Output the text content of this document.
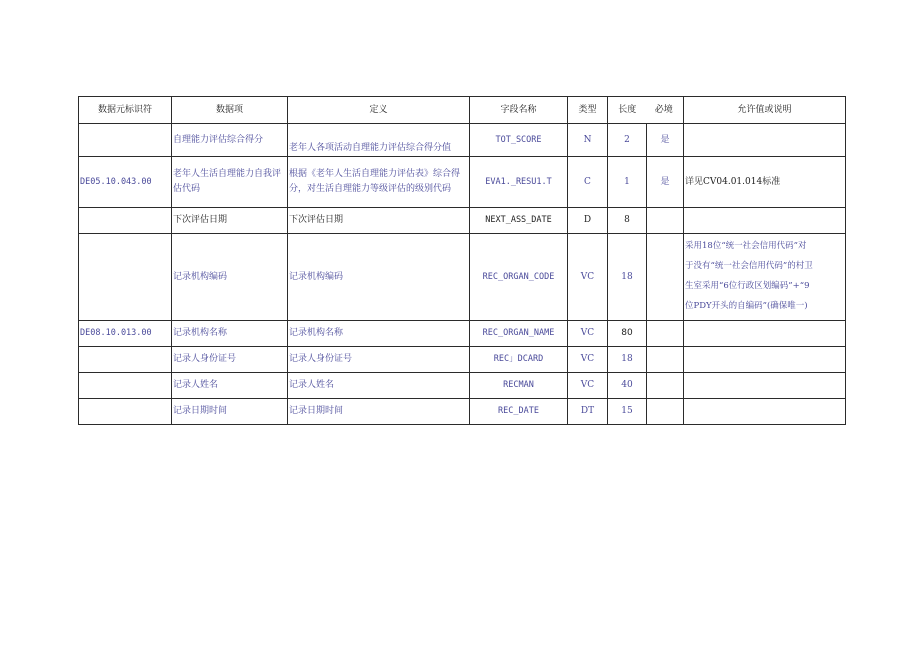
数据元标识符	数据项	定义	字段名称	类型	长度 必境		允许值或说明
	自理能力评估综合得分	老年人各项活动自理能力评估综合得分值	TOT_SCORE	N	2	是	
DE05.10.043.00	老年人生活自理能力自我评估代码	根据《老年人生活自理能力评估表》综合得分，对生活自理能力等级评估的级别代码	EVA1._RESU1.T	C	1	是	详见CV04.01.014标准
	下次评估日期	下次评估日期	NEXT_ASS_DATE	D	8		
	记录机构编码	记录机构编码	REC_ORGAN_CODE	VC	18		采用18位“统一社会信用代码”对
于没有“统一社会信用代码”的村卫
生室采用“6位行政区划编码”+“9
位PDY开头的自编码”(确保唯一)

DE08.10.013.00	记录机构名称	记录机构名称	REC_ORGAN_NAME	VC	80		
	记录人身份证号	记录人身份证号	REC」DCARD	VC	18		
	记录人姓名	记录人姓名	RECMAN	VC	40		
	记录日期时间	记录日期时间	REC_DATE	DT	15		
